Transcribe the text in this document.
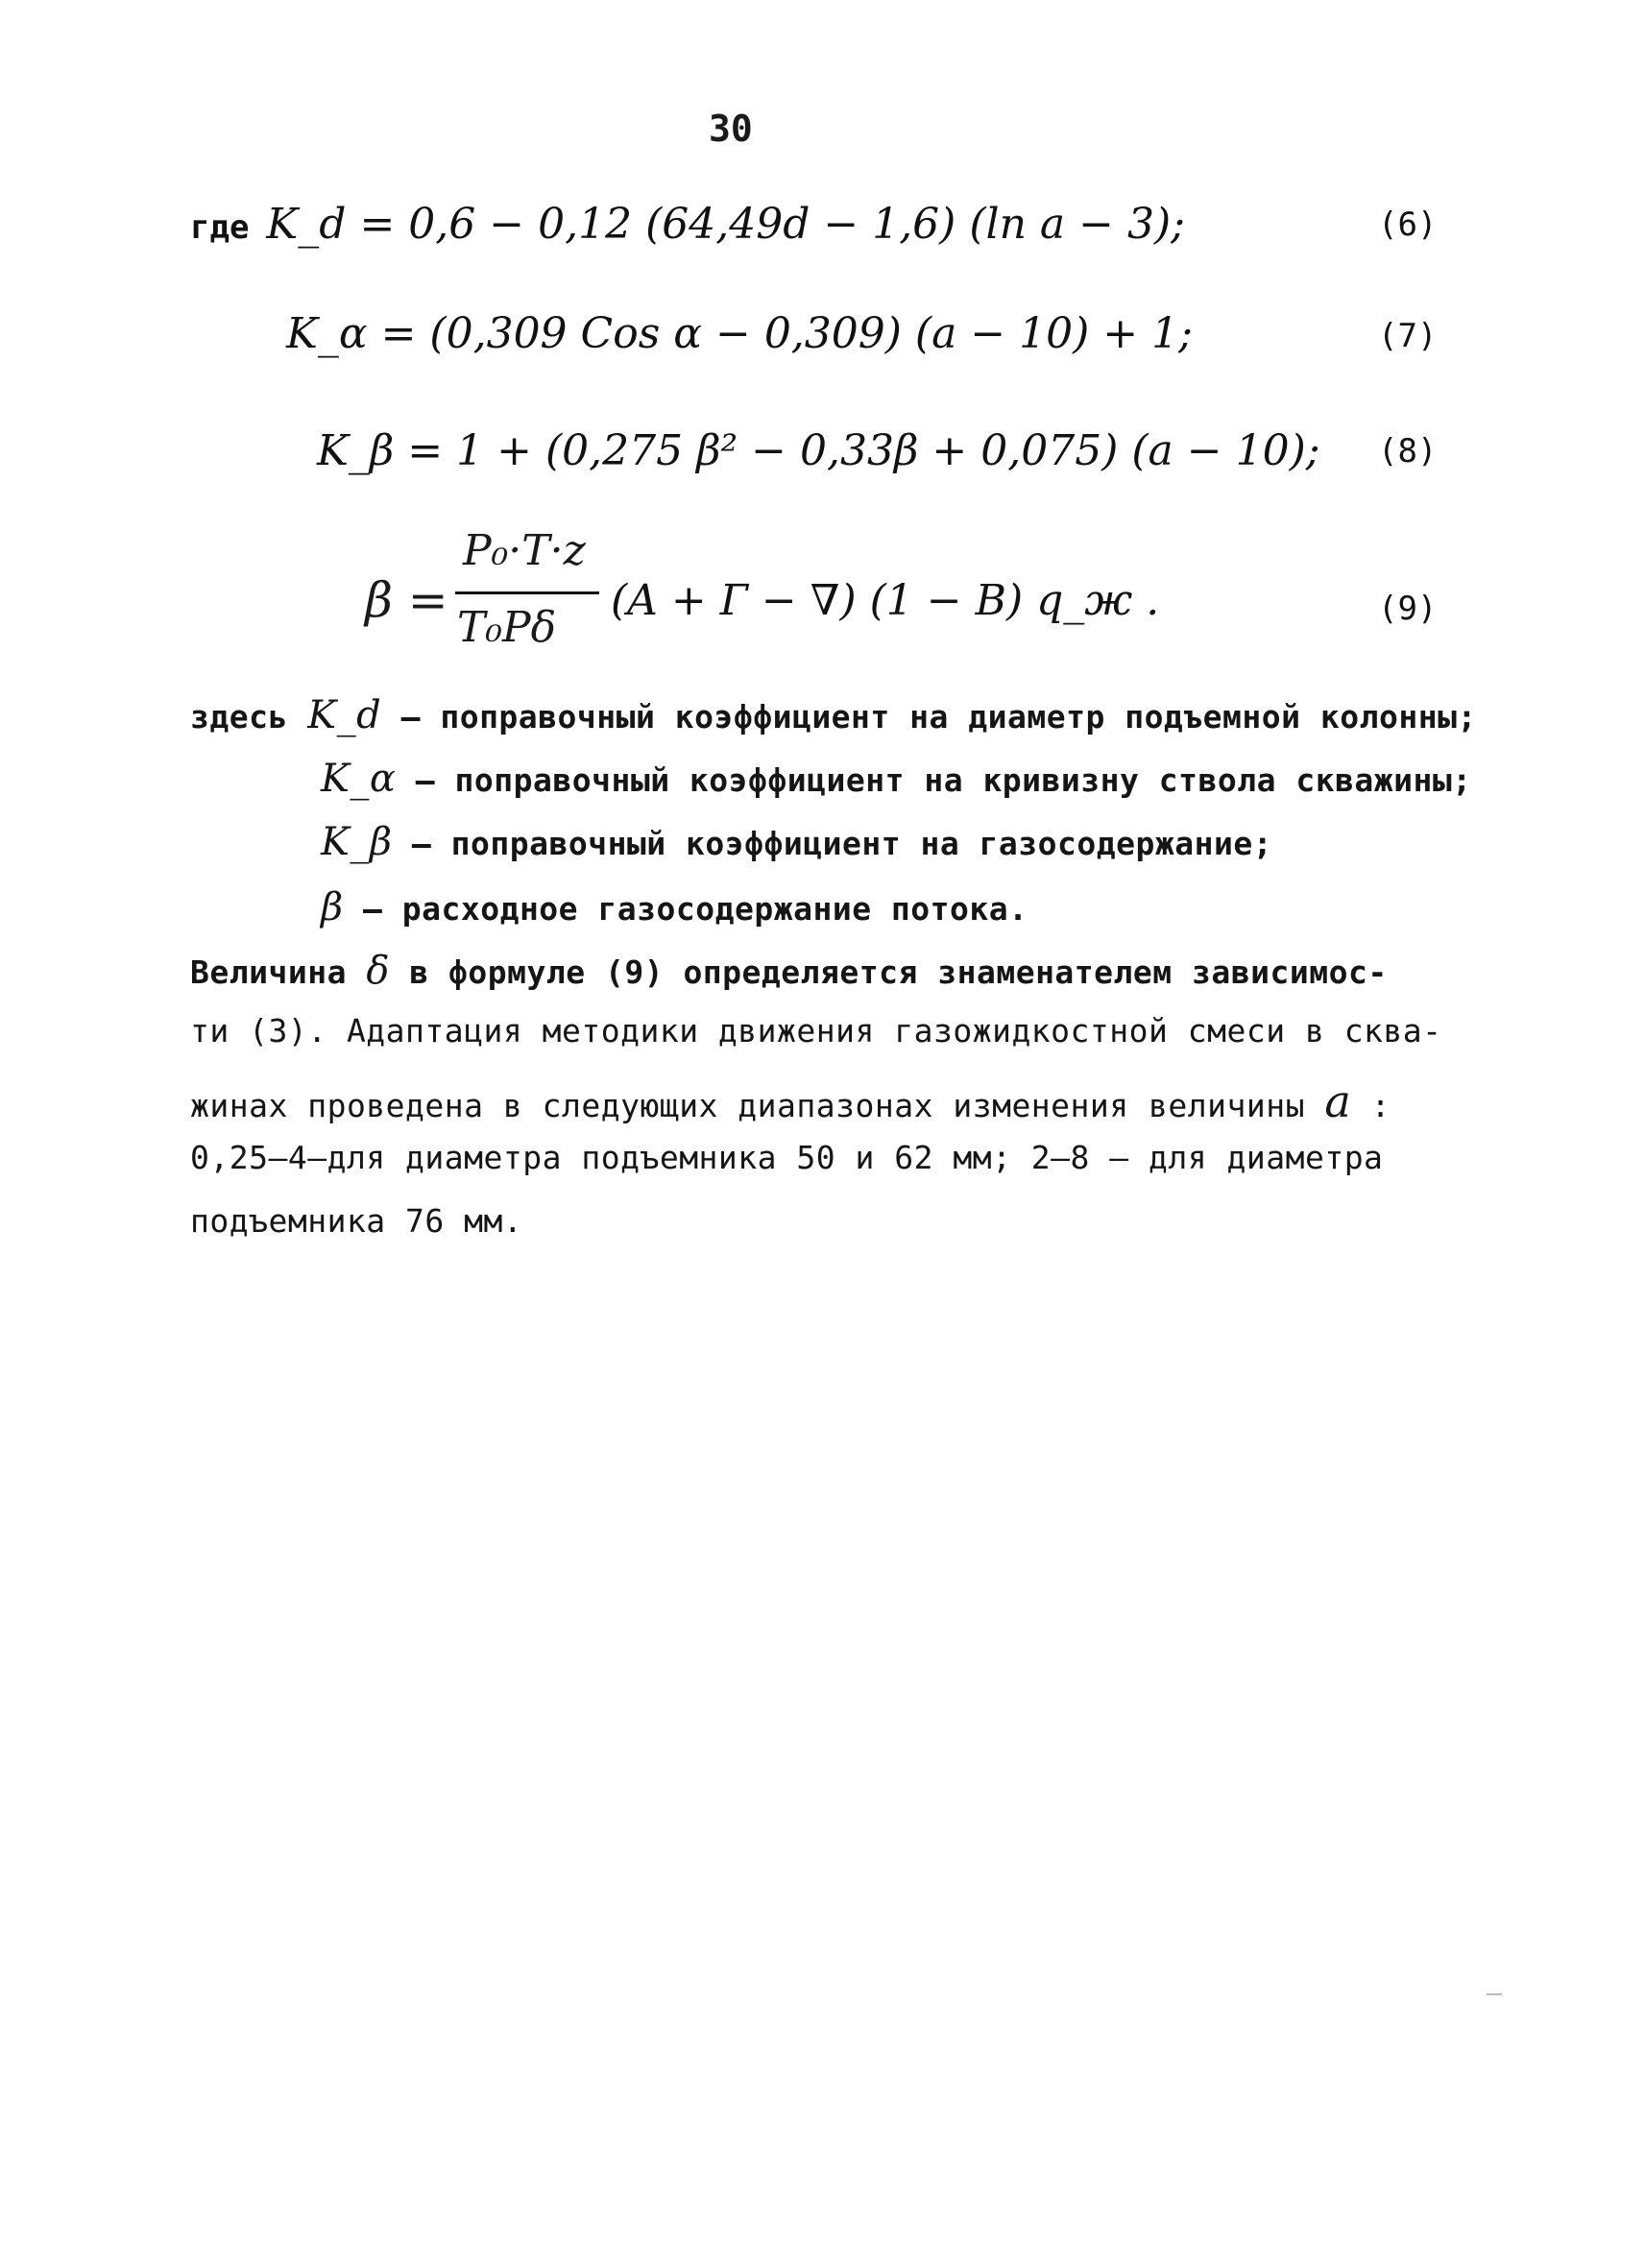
30
где K_d = 0,6 − 0,12 (64,49d − 1,6) (ln a − 3);	(6)
K_α = (0,309 Cos α − 0,309) (a − 10) + 1;	(7)
K_β = 1 + (0,275 β² − 0,33β + 0,075) (a − 10); (8)
β =
P₀·T·z
T₀Pδ
(A + Г − ∇) (1 − B) q_ж .	(9)
здесь K_d – поправочный коэффициент на диаметр подъемной колонны;
K_α – поправочный коэффициент на кривизну ствола скважины;
K_β – поправочный коэффициент на газосодержание;
β – расходное газосодержание потока.
Величина δ в формуле (9) определяется знаменателем зависимос-
ти (3). Адаптация методики движения газожидкостной смеси в сква-
жинах проведена в следующих диапазонах изменения величины a :
0,25–4–для диаметра подъемника 50 и 62 мм; 2–8 – для диаметра
подъемника 76 мм.
